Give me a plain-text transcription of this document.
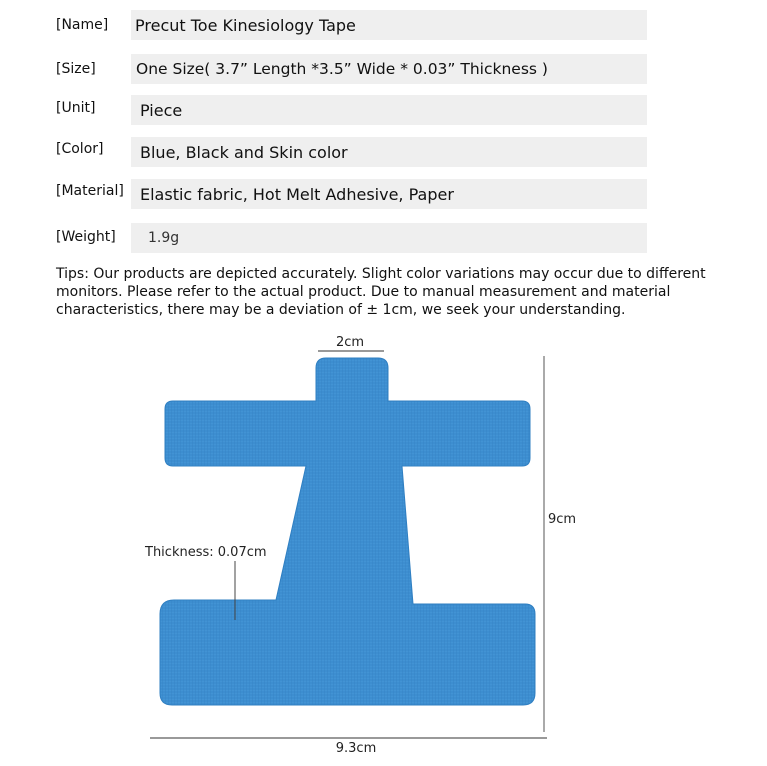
[Name] Precut Toe Kinesiology Tape
[Size]	One Size( 3.7” Length *3.5” Wide * 0.03” Thickness )
[Unit]	Piece
[Color]	Blue, Black and Skin color
[Material]	Elastic fabric, Hot Melt Adhesive, Paper
[Weight]	1.9g
Tips: Our products are depicted accurately. Slight color variations may occur due to different monitors. Please refer to the actual product. Due to manual measurement and material characteristics, there may be a deviation of ± 1cm, we seek your understanding.
2cm
9cm
Thickness: 0.07cm
9.3cm
